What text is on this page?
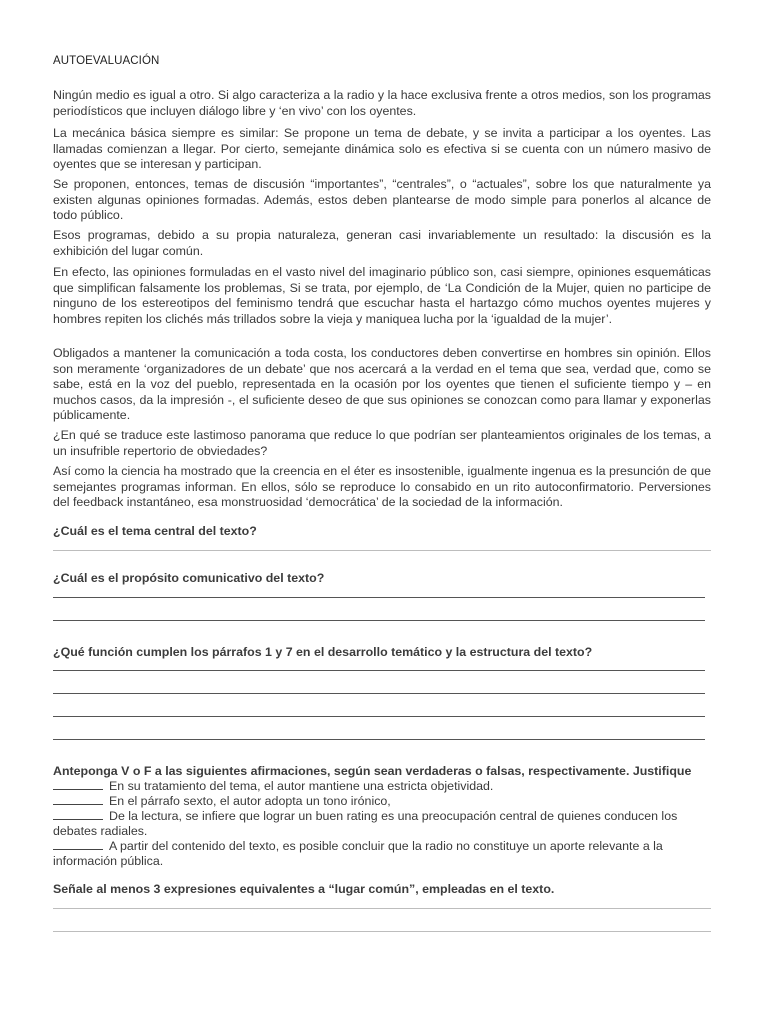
AUTOEVALUACIÓN

Ningún medio es igual a otro. Si algo caracteriza a la radio y la hace exclusiva frente a otros medios, son los programas periodísticos que incluyen diálogo libre y ‘en vivo’ con los oyentes.

La mecánica básica siempre es similar: Se propone un tema de debate, y se invita a participar a los oyentes. Las llamadas comienzan a llegar. Por cierto, semejante dinámica solo es efectiva si se cuenta con un número masivo de oyentes que se interesan y participan.

Se proponen, entonces, temas de discusión “importantes”, “centrales”, o “actuales”, sobre los que naturalmente ya existen algunas opiniones formadas. Además, estos deben plantearse de modo simple para ponerlos al alcance de todo público.

Esos programas, debido a su propia naturaleza, generan casi invariablemente un resultado: la discusión es la exhibición del lugar común.

En efecto, las opiniones formuladas en el vasto nivel del imaginario público son, casi siempre, opiniones esquemáticas que simplifican falsamente los problemas, Si se trata, por ejemplo, de ‘La Condición de la Mujer, quien no participe de ninguno de los estereotipos del feminismo tendrá que escuchar hasta el hartazgo cómo muchos oyentes mujeres y hombres repiten los clichés más trillados sobre la vieja y maniquea lucha por la ‘igualdad de la mujer’.

Obligados a mantener la comunicación a toda costa, los conductores deben convertirse en hombres sin opinión. Ellos son meramente ‘organizadores de un debate’ que nos acercará a la verdad en el tema que sea, verdad que, como se sabe, está en la voz del pueblo, representada en la ocasión por los oyentes que tienen el suficiente tiempo y – en muchos casos, da la impresión -, el suficiente deseo de que sus opiniones se conozcan como para llamar y exponerlas públicamente.

¿En qué se traduce este lastimoso panorama que reduce lo que podrían ser planteamientos originales de los temas, a un insufrible repertorio de obviedades?

Así como la ciencia ha mostrado que la creencia en el éter es insostenible, igualmente ingenua es la presunción de que semejantes programas informan. En ellos, sólo se reproduce lo consabido en un rito autoconfirmatorio. Perversiones del feedback instantáneo, esa monstruosidad ‘democrática’ de la sociedad de la información.

¿Cuál es el tema central del texto?
¿Cuál es el propósito comunicativo del texto?
¿Qué función cumplen los párrafos 1 y 7 en el desarrollo temático y la estructura del texto?
Anteponga V o F a las siguientes afirmaciones, según sean verdaderas o falsas, respectivamente. Justifique
En su tratamiento del tema, el autor mantiene una estricta objetividad.
En el párrafo sexto, el autor adopta un tono irónico,
De la lectura, se infiere que lograr un buen rating es una preocupación central de quienes conducen los debates radiales.
A partir del contenido del texto, es posible concluir que la radio no constituye un aporte relevante a la información pública.
Señale al menos 3 expresiones equivalentes a “lugar común”, empleadas en el texto.
